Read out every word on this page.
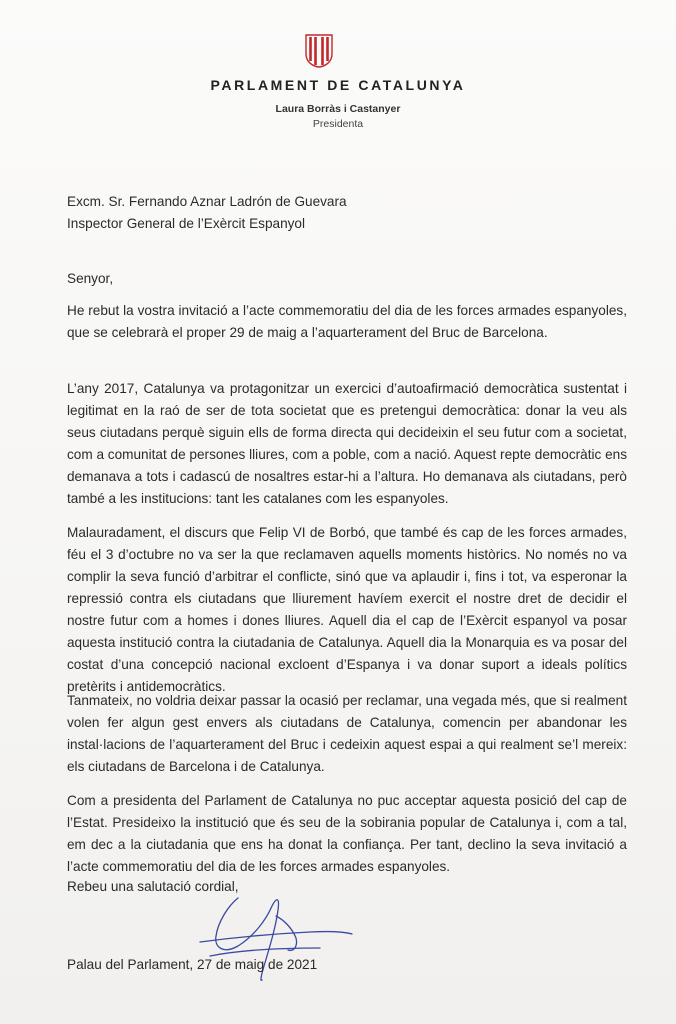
PARLAMENT DE CATALUNYA
Laura Borràs i Castanyer
Presidenta
Excm. Sr. Fernando Aznar Ladrón de Guevara
Inspector General de l’Exèrcit Espanyol
Senyor,
He rebut la vostra invitació a l’acte commemoratiu del dia de les forces armades espanyoles, que se celebrarà el proper 29 de maig a l’aquarterament del Bruc de Barcelona.
L’any 2017, Catalunya va protagonitzar un exercici d’autoafirmació democràtica sustentat i legitimat en la raó de ser de tota societat que es pretengui democràtica: donar la veu als seus ciutadans perquè siguin ells de forma directa qui decideixin el seu futur com a societat, com a comunitat de persones lliures, com a poble, com a nació. Aquest repte democràtic ens demanava a tots i cadascú de nosaltres estar-hi a l’altura. Ho demanava als ciutadans, però també a les institucions: tant les catalanes com les espanyoles.
Malauradament, el discurs que Felip VI de Borbó, que també és cap de les forces armades, féu el 3 d’octubre no va ser la que reclamaven aquells moments històrics. No només no va complir la seva funció d’arbitrar el conflicte, sinó que va aplaudir i, fins i tot, va esperonar la repressió contra els ciutadans que lliurement havíem exercit el nostre dret de decidir el nostre futur com a homes i dones lliures. Aquell dia el cap de l’Exèrcit espanyol va posar aquesta institució contra la ciutadania de Catalunya. Aquell dia la Monarquia es va posar del costat d’una concepció nacional excloent d’Espanya i va donar suport a ideals polítics pretèrits i antidemocràtics.
Tanmateix, no voldria deixar passar la ocasió per reclamar, una vegada més, que si realment volen fer algun gest envers als ciutadans de Catalunya, comencin per abandonar les instal·lacions de l’aquarterament del Bruc i cedeixin aquest espai a qui realment se’l mereix: els ciutadans de Barcelona i de Catalunya.
Com a presidenta del Parlament de Catalunya no puc acceptar aquesta posició del cap de l’Estat. Presideixo la institució que és seu de la sobirania popular de Catalunya i, com a tal, em dec a la ciutadania que ens ha donat la confiança. Per tant, declino la seva invitació a l’acte commemoratiu del dia de les forces armades espanyoles.
Rebeu una salutació cordial,
Palau del Parlament, 27 de maig de 2021
